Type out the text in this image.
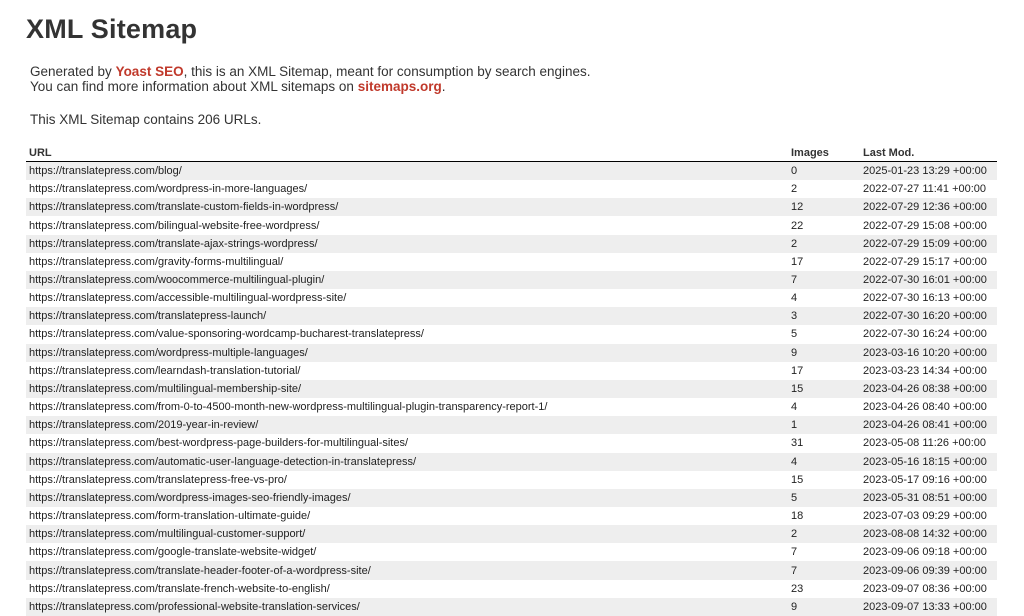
XML Sitemap
Generated by Yoast SEO, this is an XML Sitemap, meant for consumption by search engines.
You can find more information about XML sitemaps on sitemaps.org.
This XML Sitemap contains 206 URLs.
URL	Images	Last Mod.
https://translatepress.com/blog/	0	2025-01-23 13:29 +00:00
https://translatepress.com/wordpress-in-more-languages/	2	2022-07-27 11:41 +00:00
https://translatepress.com/translate-custom-fields-in-wordpress/	12	2022-07-29 12:36 +00:00
https://translatepress.com/bilingual-website-free-wordpress/	22	2022-07-29 15:08 +00:00
https://translatepress.com/translate-ajax-strings-wordpress/	2	2022-07-29 15:09 +00:00
https://translatepress.com/gravity-forms-multilingual/	17	2022-07-29 15:17 +00:00
https://translatepress.com/woocommerce-multilingual-plugin/	7	2022-07-30 16:01 +00:00
https://translatepress.com/accessible-multilingual-wordpress-site/	4	2022-07-30 16:13 +00:00
https://translatepress.com/translatepress-launch/	3	2022-07-30 16:20 +00:00
https://translatepress.com/value-sponsoring-wordcamp-bucharest-translatepress/	5	2022-07-30 16:24 +00:00
https://translatepress.com/wordpress-multiple-languages/	9	2023-03-16 10:20 +00:00
https://translatepress.com/learndash-translation-tutorial/	17	2023-03-23 14:34 +00:00
https://translatepress.com/multilingual-membership-site/	15	2023-04-26 08:38 +00:00
https://translatepress.com/from-0-to-4500-month-new-wordpress-multilingual-plugin-transparency-report-1/	4	2023-04-26 08:40 +00:00
https://translatepress.com/2019-year-in-review/	1	2023-04-26 08:41 +00:00
https://translatepress.com/best-wordpress-page-builders-for-multilingual-sites/	31	2023-05-08 11:26 +00:00
https://translatepress.com/automatic-user-language-detection-in-translatepress/	4	2023-05-16 18:15 +00:00
https://translatepress.com/translatepress-free-vs-pro/	15	2023-05-17 09:16 +00:00
https://translatepress.com/wordpress-images-seo-friendly-images/	5	2023-05-31 08:51 +00:00
https://translatepress.com/form-translation-ultimate-guide/	18	2023-07-03 09:29 +00:00
https://translatepress.com/multilingual-customer-support/	2	2023-08-08 14:32 +00:00
https://translatepress.com/google-translate-website-widget/	7	2023-09-06 09:18 +00:00
https://translatepress.com/translate-header-footer-of-a-wordpress-site/	7	2023-09-06 09:39 +00:00
https://translatepress.com/translate-french-website-to-english/	23	2023-09-07 08:36 +00:00
https://translatepress.com/professional-website-translation-services/	9	2023-09-07 13:33 +00:00
